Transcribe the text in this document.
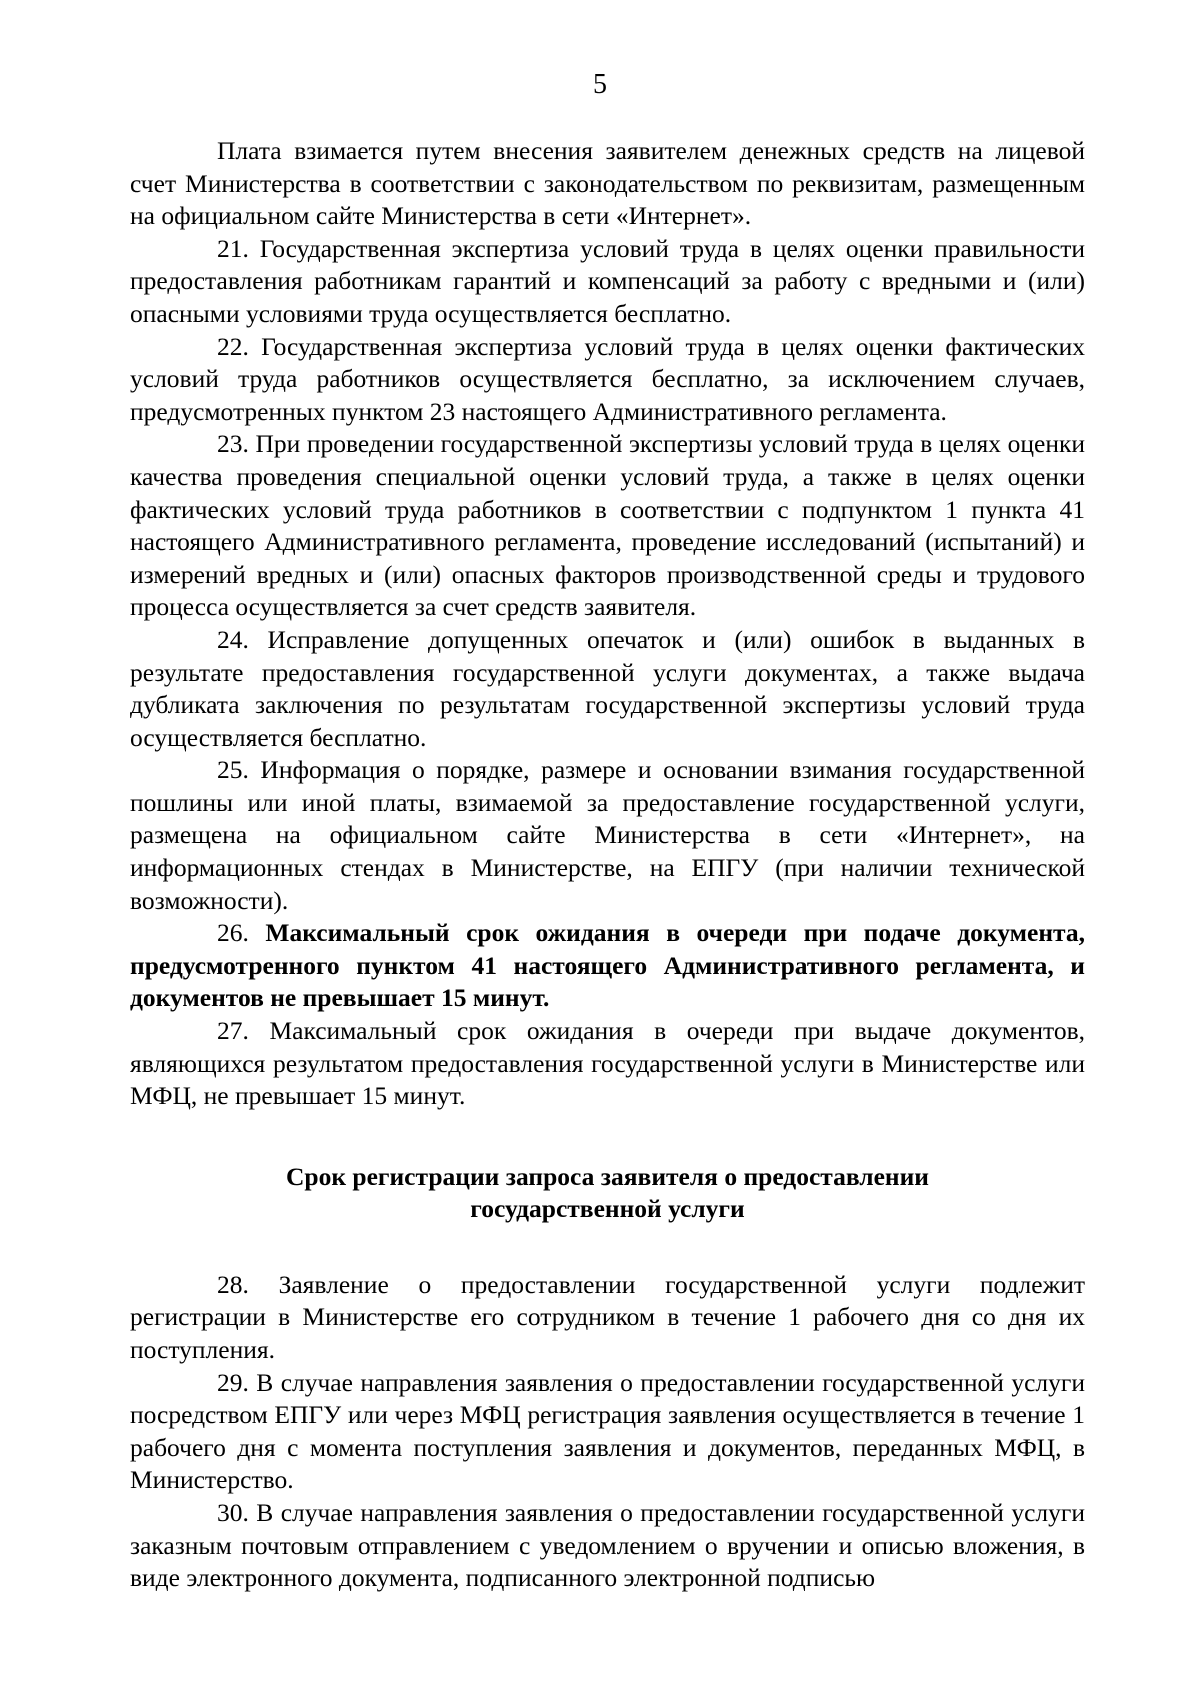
5

Плата взимается путем внесения заявителем денежных средств на лицевой счет Министерства в соответствии с законодательством по реквизитам, размещенным на официальном сайте Министерства в сети «Интернет».

21. Государственная экспертиза условий труда в целях оценки правильности предоставления работникам гарантий и компенсаций за работу с вредными и (или) опасными условиями труда осуществляется бесплатно.

22. Государственная экспертиза условий труда в целях оценки фактических условий труда работников осуществляется бесплатно, за исключением случаев, предусмотренных пунктом 23 настоящего Административного регламента.

23. При проведении государственной экспертизы условий труда в целях оценки качества проведения специальной оценки условий труда, а также в целях оценки фактических условий труда работников в соответствии с подпунктом 1 пункта 41 настоящего Административного регламента, проведение исследований (испытаний) и измерений вредных и (или) опасных факторов производственной среды и трудового процесса осуществляется за счет средств заявителя.

24. Исправление допущенных опечаток и (или) ошибок в выданных в результате предоставления государственной услуги документах, а также выдача дубликата заключения по результатам государственной экспертизы условий труда осуществляется бесплатно.

25. Информация о порядке, размере и основании взимания государственной пошлины или иной платы, взимаемой за предоставление государственной услуги, размещена на официальном сайте Министерства в сети «Интернет», на информационных стендах в Министерстве, на ЕПГУ (при наличии технической возможности).

26. Максимальный срок ожидания в очереди при подаче документа, предусмотренного пунктом 41 настоящего Административного регламента, и документов не превышает 15 минут.

27. Максимальный срок ожидания в очереди при выдаче документов, являющихся результатом предоставления государственной услуги в Министерстве или МФЦ, не превышает 15 минут.

Срок регистрации запроса заявителя о предоставлении
государственной услуги

28. Заявление о предоставлении государственной услуги подлежит регистрации в Министерстве его сотрудником в течение 1 рабочего дня со дня их поступления.

29. В случае направления заявления о предоставлении государственной услуги посредством ЕПГУ или через МФЦ регистрация заявления осуществляется в течение 1 рабочего дня с момента поступления заявления и документов, переданных МФЦ, в Министерство.

30. В случае направления заявления о предоставлении государственной услуги заказным почтовым отправлением с уведомлением о вручении и описью вложения, в виде электронного документа, подписанного электронной подписью
